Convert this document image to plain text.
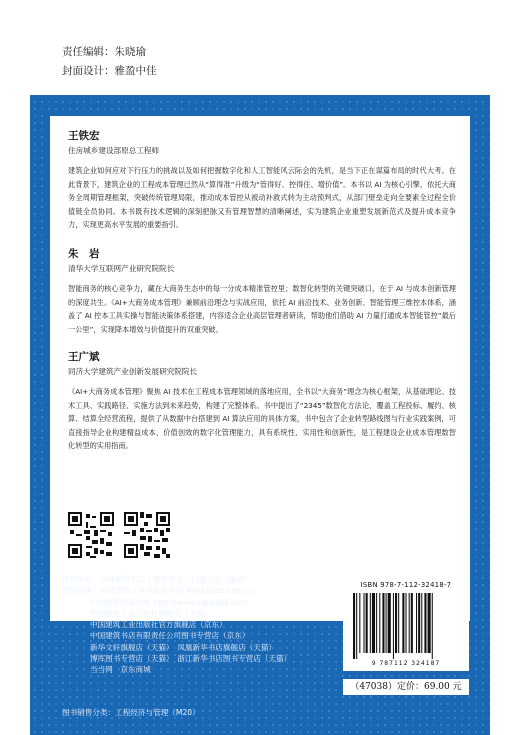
责任编辑：朱晓瑜
封面设计：雅盈中佳
王铁宏
住房城乡建设部原总工程师
建筑企业如何应对下行压力的挑战以及如何把握数字化和人工智能风云际会的先机，是当下正在谋篇布局的时代大考。在此背景下，建筑企业的工程成本管理已然从“算得准”升级为“管得好、控得住、增价值”。本书以 AI 为核心引擎，依托大商务全周期管理框架，突破传统管理局限，推动成本管控从被动补救式转为主动预判式，从部门壁垒走向全要素全过程全价值链全员协同。本书既有技术逻辑的深刻把脉又有管理智慧的清晰阐述，实为建筑企业重塑发展新范式及提升成本竞争力，实现更高水平发展的重要指引。
朱　岩
清华大学互联网产业研究院院长
智能商务的核心竞争力，藏在大商务生态中的每一分成本精准管控里；数智化转型的关键突破口，在于 AI 与成本创新管理的深度共生。《AI+大商务成本管理》兼顾前沿理念与实战应用，依托 AI 前沿技术、业务创新、智能管理三维控本体系，涵盖了 AI 控本工具实操与智能决策体系搭建，内容适合企业高层管理者研读，帮助他们借助 AI 力量打通成本智能管控“最后一公里”，实现降本增效与价值提升的双重突破。
王广斌
同济大学建筑产业创新发展研究院院长
《AI+大商务成本管理》聚焦 AI 技术在工程成本管理领域的落地应用，全书以“大商务”理念为核心框架，从基础理论、技术工具、实践路径、实施方法到未来趋势，构建了完整体系。书中提出了“2345”数智化方法论，覆盖工程投标、履约、核算、结算全经营流程，提供了从数据中台搭建到 AI 算法应用的具体方案，书中包含了企业转型路线图与行业实践案例，可直接指导企业构建精益成本、价值创效的数字化管理能力，具有系统性、实用性和创新性，是工程建设企业成本管理数智化转型的实用指南。
建工出版社微信	各 地 建 筑 书 店
经销单位：各地新华书店 / 建筑书店（扫描上方二维码）
网络销售：中国建筑工业出版社官网 www.cabp.com.cn
中国建筑出版在线 http://www.cabplink.com
中国建筑工业出版社旗舰店（天猫）
中国建筑工业出版社官方旗舰店（京东）
中国建筑书店有限责任公司图书专营店（京东）
新华文轩旗舰店（天猫）　凤凰新华书店旗舰店（天猫）
博库图书专营店（天猫）　浙江新华书店图书专营店（天猫）
当当网　京东商城
ISBN 978-7-112-32418-7
9 787112 324187
（47038）定价：69.00 元
图书销售分类：工程经济与管理（M20）
